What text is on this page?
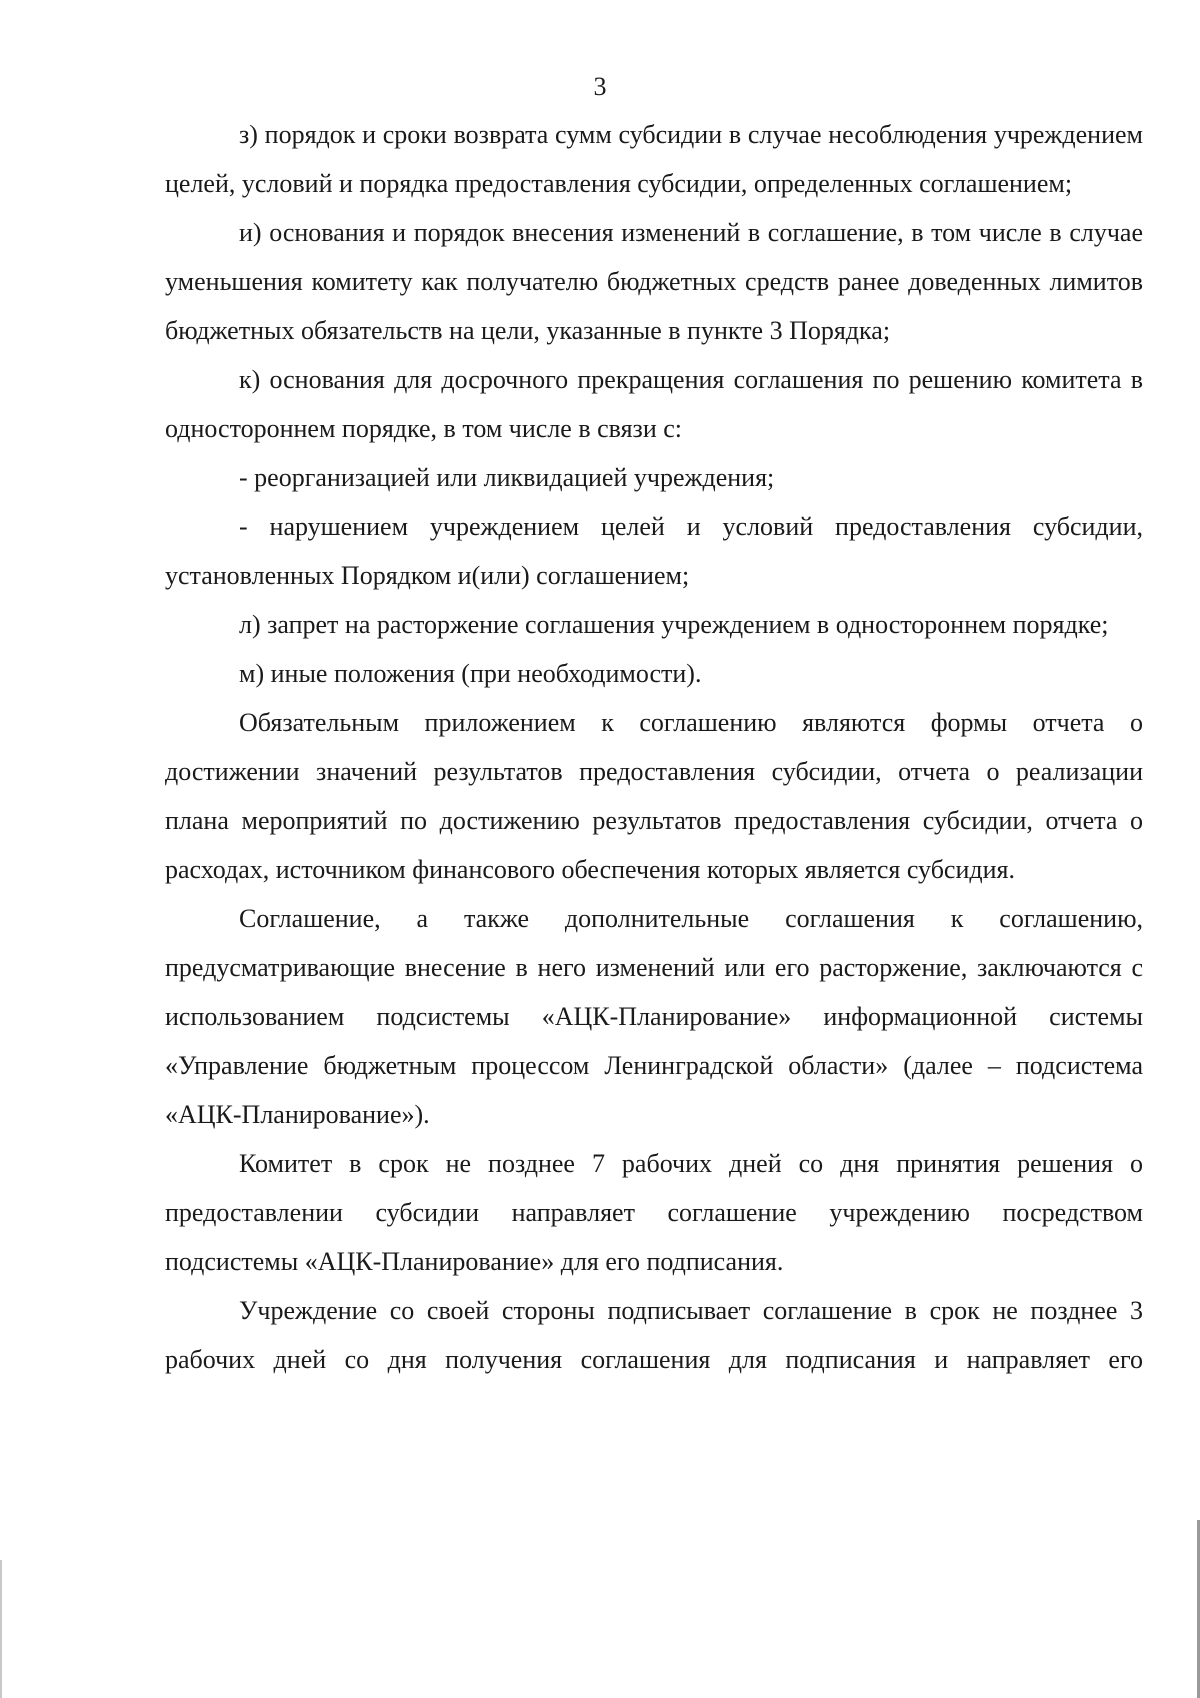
3

з) порядок и сроки возврата сумм субсидии в случае несоблюдения учреждением целей, условий и порядка предоставления субсидии, определенных соглашением;

и) основания и порядок внесения изменений в соглашение, в том числе в случае уменьшения комитету как получателю бюджетных средств ранее доведенных лимитов бюджетных обязательств на цели, указанные в пункте 3 Порядка;

к) основания для досрочного прекращения соглашения по решению комитета в одностороннем порядке, в том числе в связи с:

- реорганизацией или ликвидацией учреждения;

- нарушением учреждением целей и условий предоставления субсидии, установленных Порядком и(или) соглашением;

л) запрет на расторжение соглашения учреждением в одностороннем порядке;

м) иные положения (при необходимости).

Обязательным приложением к соглашению являются формы отчета о достижении значений результатов предоставления субсидии, отчета о реализации плана мероприятий по достижению результатов предоставления субсидии, отчета о расходах, источником финансового обеспечения которых является субсидия.

Соглашение, а также дополнительные соглашения к соглашению, предусматривающие внесение в него изменений или его расторжение, заключаются с использованием подсистемы «АЦК-Планирование» информационной системы «Управление бюджетным процессом Ленинградской области» (далее – подсистема «АЦК-Планирование»).

Комитет в срок не позднее 7 рабочих дней со дня принятия решения о предоставлении субсидии направляет соглашение учреждению посредством подсистемы «АЦК-Планирование» для его подписания.

Учреждение со своей стороны подписывает соглашение в срок не позднее 3 рабочих дней со дня получения соглашения для подписания и направляет его
